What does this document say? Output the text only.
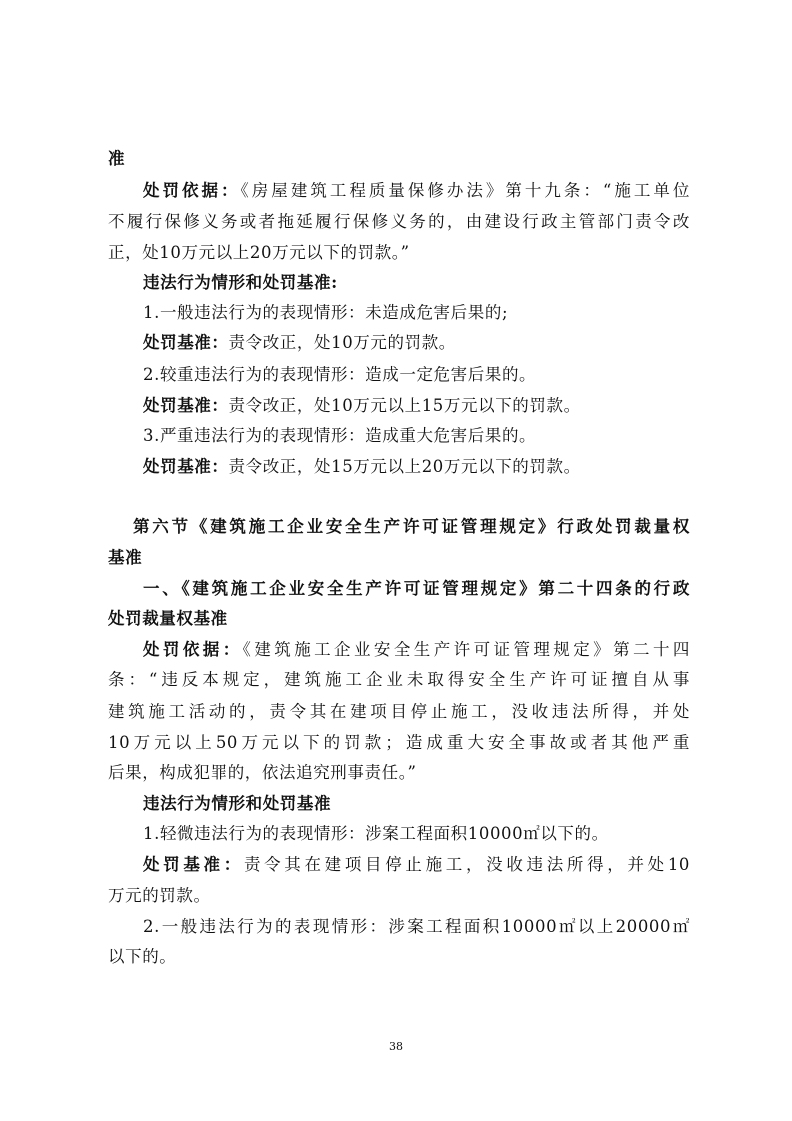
准
处罚依据：《房屋建筑工程质量保修办法》第十九条：“施工单位
不履行保修义务或者拖延履行保修义务的，由建设行政主管部门责令改
正，处10万元以上20万元以下的罚款。”
违法行为情形和处罚基准:
1.一般违法行为的表现情形：未造成危害后果的;
处罚基准：责令改正，处10万元的罚款。
2.较重违法行为的表现情形：造成一定危害后果的。
处罚基准：责令改正，处10万元以上15万元以下的罚款。
3.严重违法行为的表现情形：造成重大危害后果的。
处罚基准：责令改正，处15万元以上20万元以下的罚款。
第六节《建筑施工企业安全生产许可证管理规定》行政处罚裁量权
基准
一、《建筑施工企业安全生产许可证管理规定》第二十四条的行政
处罚裁量权基准
处罚依据：《建筑施工企业安全生产许可证管理规定》第二十四
条：“违反本规定，建筑施工企业未取得安全生产许可证擅自从事
建筑施工活动的，责令其在建项目停止施工，没收违法所得，并处
10万元以上50万元以下的罚款；造成重大安全事故或者其他严重
后果，构成犯罪的，依法追究刑事责任。”
违法行为情形和处罚基准
1.轻微违法行为的表现情形：涉案工程面积10000㎡以下的。
处罚基准：责令其在建项目停止施工，没收违法所得，并处10
万元的罚款。
2.一般违法行为的表现情形：涉案工程面积10000㎡以上20000㎡
以下的。
38
